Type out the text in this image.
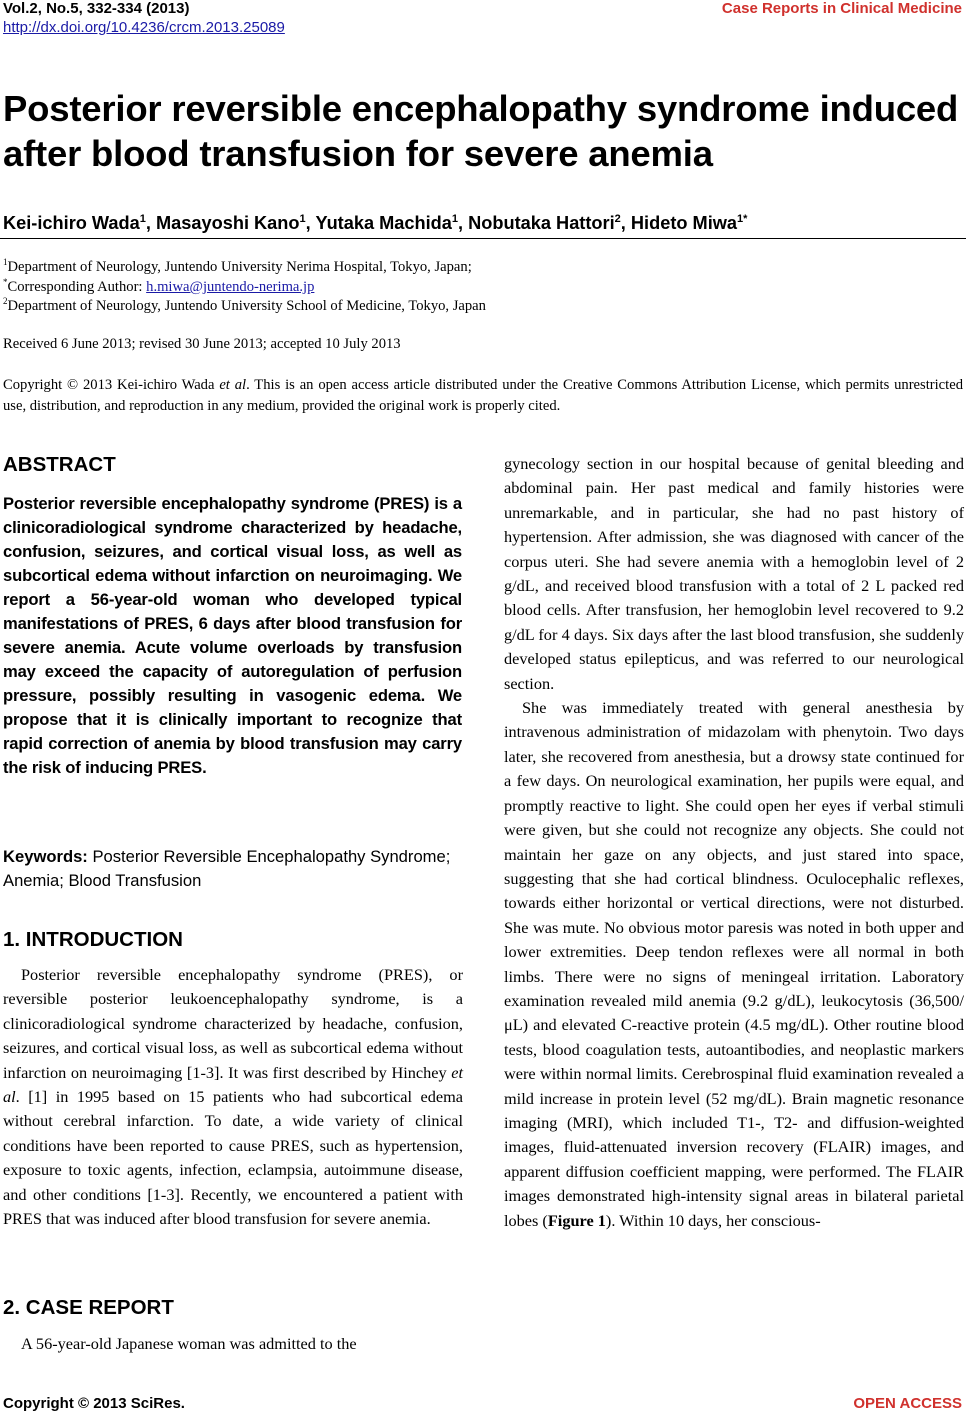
Vol.2, No.5, 332-334 (2013)
http://dx.doi.org/10.4236/crcm.2013.25089
Case Reports in Clinical Medicine
Posterior reversible encephalopathy syndrome induced after blood transfusion for severe anemia
Kei-ichiro Wada$^1$, Masayoshi Kano$^1$, Yutaka Machida$^1$, Nobutaka Hattori$^2$, Hideto Miwa$^{1*}$
$^1$Department of Neurology, Juntendo University Nerima Hospital, Tokyo, Japan;
*Corresponding Author: h.miwa@juntendo-nerima.jp
$^2$Department of Neurology, Juntendo University School of Medicine, Tokyo, Japan
Received 6 June 2013; revised 30 June 2013; accepted 10 July 2013
Copyright © 2013 Kei-ichiro Wada et al. This is an open access article distributed under the Creative Commons Attribution License, which permits unrestricted use, distribution, and reproduction in any medium, provided the original work is properly cited.
ABSTRACT
Posterior reversible encephalopathy syndrome (PRES) is a clinicoradiological syndrome characterized by headache, confusion, seizures, and cortical visual loss, as well as subcortical edema without infarction on neuroimaging. We report a 56-year-old woman who developed typical manifestations of PRES, 6 days after blood transfusion for severe anemia. Acute volume overloads by transfusion may exceed the capacity of autoregulation of perfusion pressure, possibly resulting in vasogenic edema. We propose that it is clinically important to recognize that rapid correction of anemia by blood transfusion may carry the risk of inducing PRES.
Keywords: Posterior Reversible Encephalopathy Syndrome; Anemia; Blood Transfusion
1. INTRODUCTION

Posterior reversible encephalopathy syndrome (PRES), or reversible posterior leukoencephalopathy syndrome, is a clinicoradiological syndrome characterized by headache, confusion, seizures, and cortical visual loss, as well as subcortical edema without infarction on neuroimaging [1-3]. It was first described by Hinchey et al. [1] in 1995 based on 15 patients who had subcortical edema without cerebral infarction. To date, a wide variety of clinical conditions have been reported to cause PRES, such as hypertension, exposure to toxic agents, infection, eclampsia, autoimmune disease, and other conditions [1-3]. Recently, we encountered a patient with PRES that was induced after blood transfusion for severe anemia.

2. CASE REPORT

A 56-year-old Japanese woman was admitted to the

gynecology section in our hospital because of genital bleeding and abdominal pain. Her past medical and family histories were unremarkable, and in particular, she had no past history of hypertension. After admission, she was diagnosed with cancer of the corpus uteri. She had severe anemia with a hemoglobin level of 2 g/dL, and received blood transfusion with a total of 2 L packed red blood cells. After transfusion, her hemoglobin level recovered to 9.2 g/dL for 4 days. Six days after the last blood transfusion, she suddenly developed status epilepticus, and was referred to our neurological section.

She was immediately treated with general anesthesia by intravenous administration of midazolam with phenytoin. Two days later, she recovered from anesthesia, but a drowsy state continued for a few days. On neurological examination, her pupils were equal, and promptly reactive to light. She could open her eyes if verbal stimuli were given, but she could not recognize any objects. She could not maintain her gaze on any objects, and just stared into space, suggesting that she had cortical blindness. Oculocephalic reflexes, towards either horizontal or vertical directions, were not disturbed. She was mute. No obvious motor paresis was noted in both upper and lower extremities. Deep tendon reflexes were all normal in both limbs. There were no signs of meningeal irritation. Laboratory examination revealed mild anemia (9.2 g/dL), leukocytosis (36,500/μL) and elevated C-reactive protein (4.5 mg/dL). Other routine blood tests, blood coagulation tests, autoantibodies, and neoplastic markers were within normal limits. Cerebrospinal fluid examination revealed a mild increase in protein level (52 mg/dL). Brain magnetic resonance imaging (MRI), which included T1-, T2- and diffusion-weighted images, fluid-attenuated inversion recovery (FLAIR) images, and apparent diffusion coefficient mapping, were performed. The FLAIR images demonstrated high-intensity signal areas in bilateral parietal lobes (Figure 1). Within 10 days, her conscious-

Copyright © 2013 SciRes.	OPEN ACCESS
